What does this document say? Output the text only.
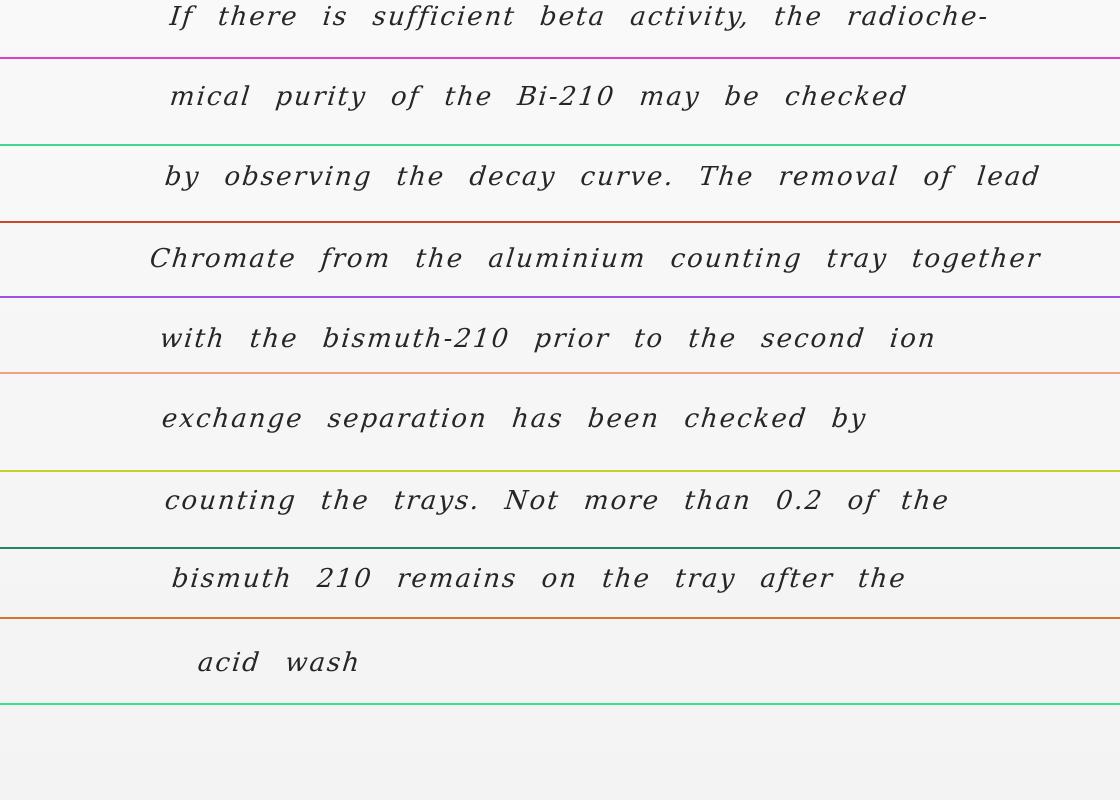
If there is sufficient beta activity, the radioche-
mical purity of the Bi-210 may be checked
by observing the decay curve. The removal of lead
Chromate from the aluminium counting tray together
with the bismuth-210 prior to the second ion
exchange separation has been checked by
counting the trays. Not more than 0.2 of the
bismuth 210 remains on the tray after the
acid wash
